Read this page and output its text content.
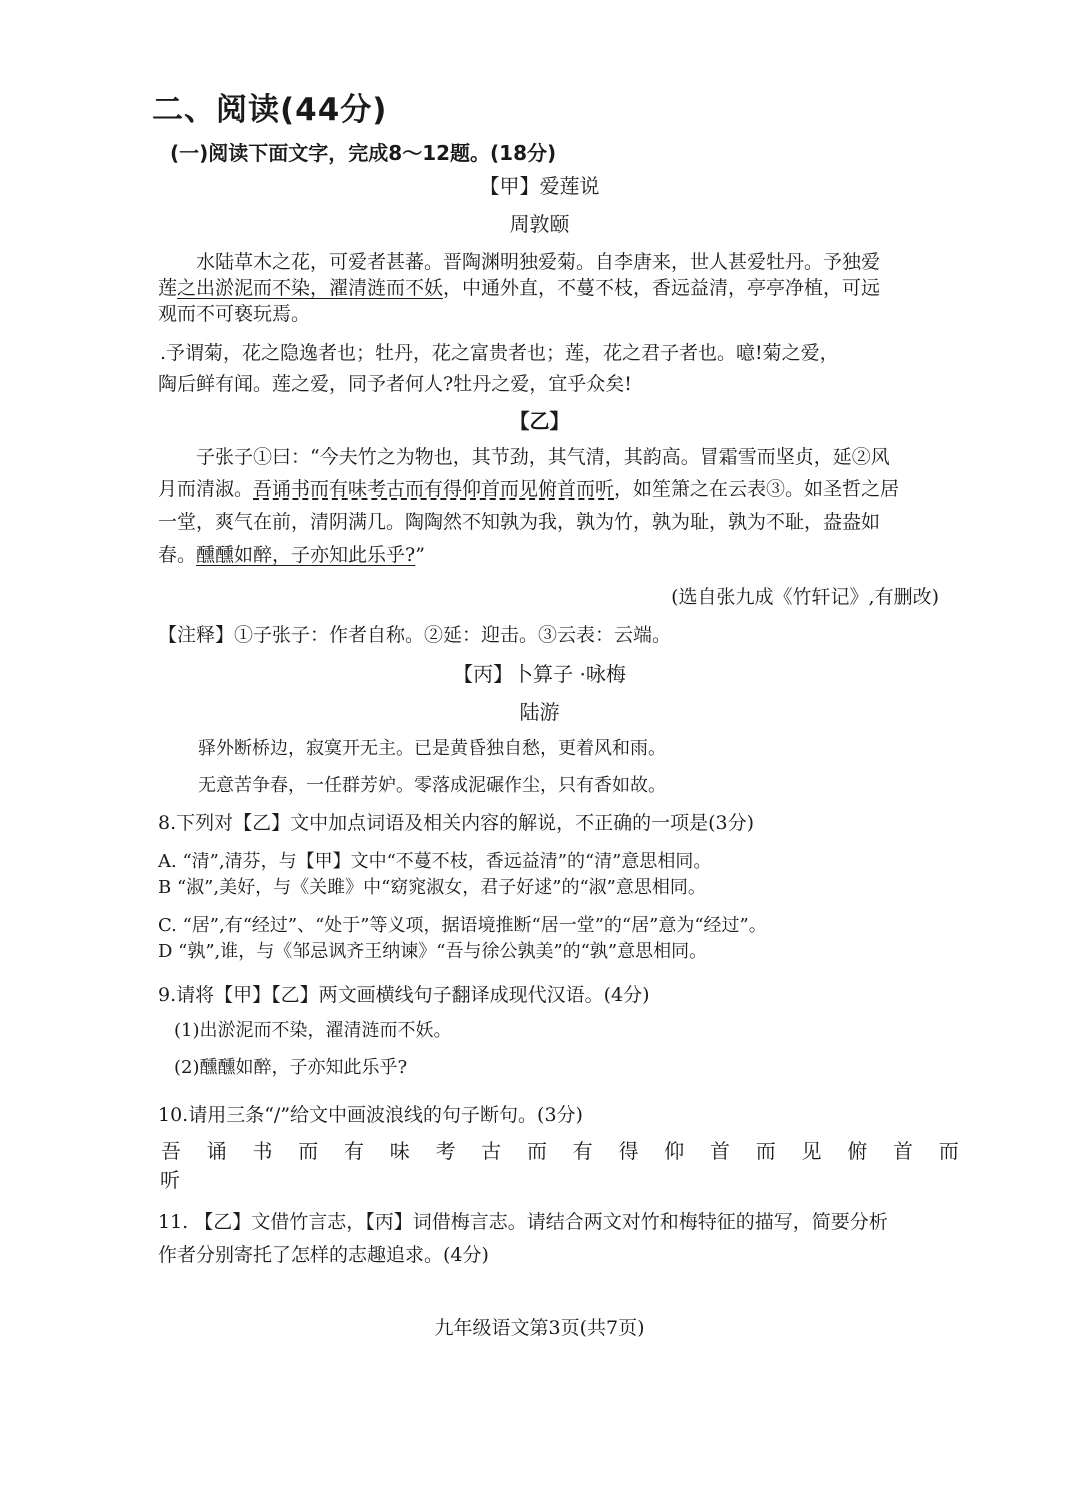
二、阅读(44分)
(一)阅读下面文字，完成8～12题。(18分)
【甲】爱莲说
周敦颐
水陆草木之花，可爱者甚蕃。晋陶渊明独爱菊。自李唐来，世人甚爱牡丹。予独爱
莲之出淤泥而不染，濯清涟而不妖，中通外直，不蔓不枝，香远益清，亭亭净植，可远
观而不可亵玩焉。
.予谓菊，花之隐逸者也；牡丹，花之富贵者也；莲，花之君子者也。噫!菊之爱，
陶后鲜有闻。莲之爱，同予者何人?牡丹之爱，宜乎众矣!
【乙】
子张子①曰：“今夫竹之为物也，其节劲，其气清，其韵高。冒霜雪而坚贞，延②风
月而清淑。吾诵书而有味考古而有得仰首而见俯首而听，如笙箫之在云表③。如圣哲之居
一堂，爽气在前，清阴满几。陶陶然不知孰为我，孰为竹，孰为耻，孰为不耻，盎盎如
春。醺醺如醉，子亦知此乐乎?”
(选自张九成《竹轩记》,有删改)
【注释】①子张子：作者自称。②延：迎击。③云表：云端。
【丙】卜算子 ·咏梅
陆游
驿外断桥边，寂寞开无主。已是黄昏独自愁，更着风和雨。
无意苦争春，一任群芳妒。零落成泥碾作尘，只有香如故。
8.下列对【乙】文中加点词语及相关内容的解说，不正确的一项是(3分)
A. “清”,清芬，与【甲】文中“不蔓不枝，香远益清”的“清”意思相同。
B “淑”,美好，与《关雎》中“窈窕淑女，君子好逑”的“淑”意思相同。
C. “居”,有“经过”、“处于”等义项，据语境推断“居一堂”的“居”意为“经过”。
D “孰”,谁，与《邹忌讽齐王纳谏》“吾与徐公孰美”的“孰”意思相同。
9.请将【甲】【乙】两文画横线句子翻译成现代汉语。(4分)
(1)出淤泥而不染，濯清涟而不妖。
(2)醺醺如醉，子亦知此乐乎?
10.请用三条“/”给文中画波浪线的句子断句。(3分)
吾 诵 书 而 有 味 考 古 而 有 得 仰 首 而 见 俯 首 而
听
11. 【乙】文借竹言志，【丙】词借梅言志。请结合两文对竹和梅特征的描写，简要分析
作者分别寄托了怎样的志趣追求。(4分)
九年级语文第3页(共7页)
